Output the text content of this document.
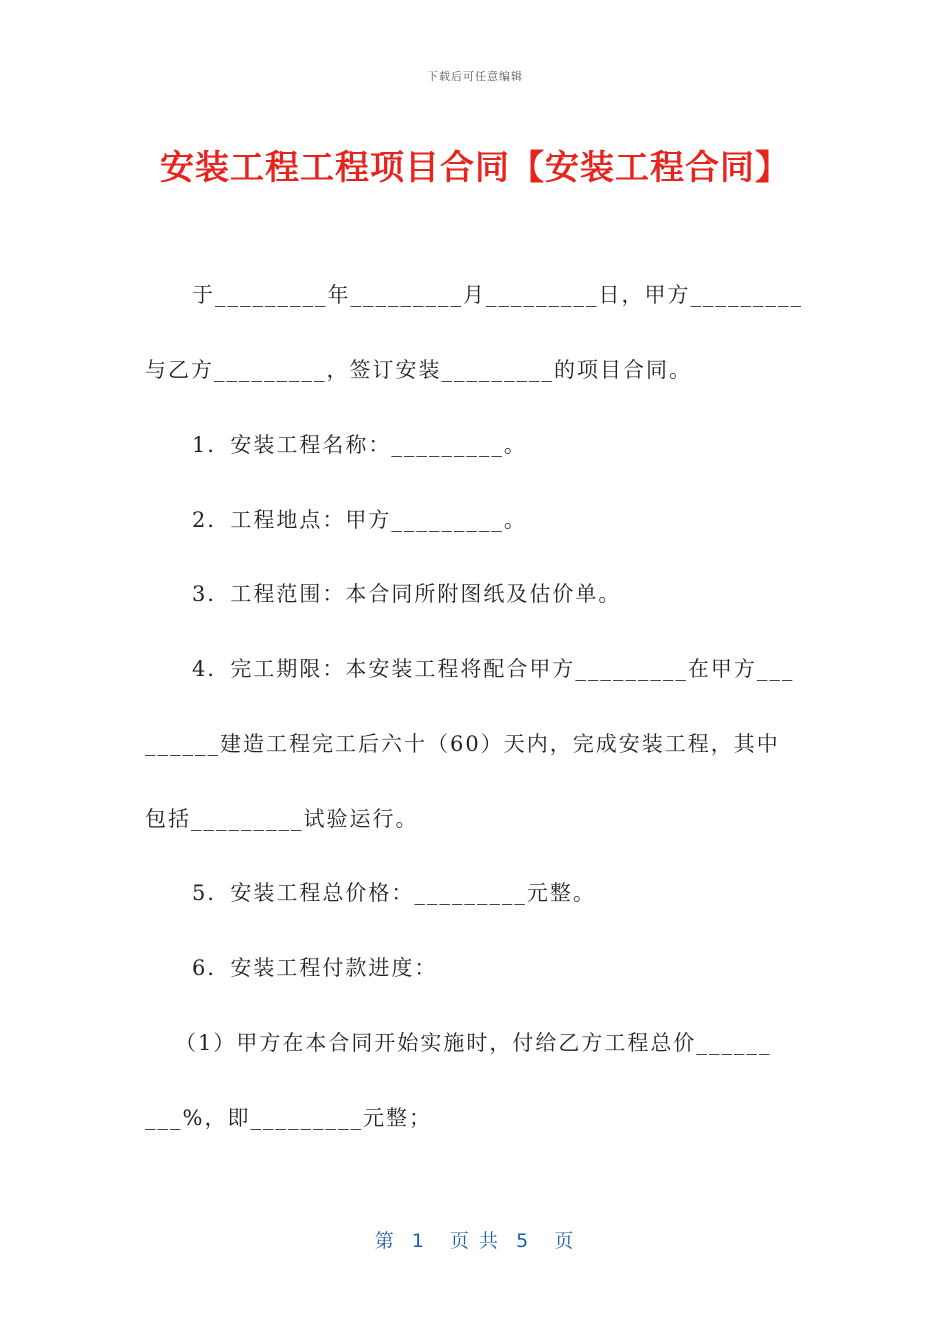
下载后可任意编辑
安装工程工程项目合同【安装工程合同】
于_________年_________月_________日，甲方_________
与乙方_________，签订安装_________的项目合同。
1．安装工程名称：_________。
2．工程地点：甲方_________。
3．工程范围：本合同所附图纸及估价单。
4．完工期限：本安装工程将配合甲方_________在甲方___
______建造工程完工后六十（60）天内，完成安装工程，其中
包括_________试验运行。
5．安装工程总价格：_________元整。
6．安装工程付款进度：
（1）甲方在本合同开始实施时，付给乙方工程总价______
___%，即_________元整；
第  1   页 共  5   页
